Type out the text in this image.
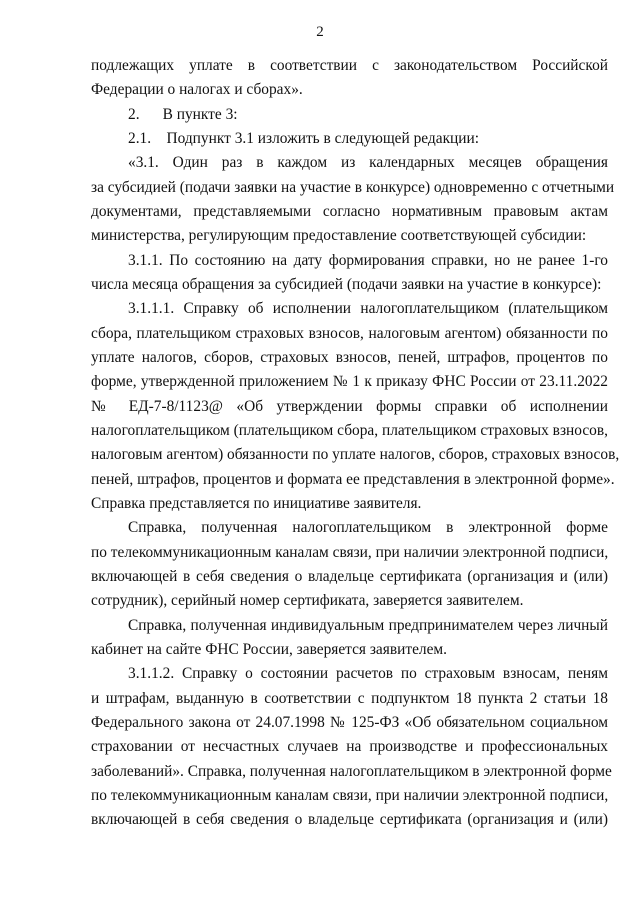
2
подлежащих уплате в соответствии с законодательством Российской
Федерации о налогах и сборах».
2.  В пункте 3:
2.1. Подпункт 3.1 изложить в следующей редакции:
«3.1. Один раз в каждом из календарных месяцев обращения
за субсидией (подачи заявки на участие в конкурсе) одновременно с отчетными
документами, представляемыми согласно нормативным правовым актам
министерства, регулирующим предоставление соответствующей субсидии:
3.1.1. По состоянию на дату формирования справки, но не ранее 1-го
числа месяца обращения за субсидией (подачи заявки на участие в конкурсе):
3.1.1.1. Справку об исполнении налогоплательщиком (плательщиком
сбора, плательщиком страховых взносов, налоговым агентом) обязанности по
уплате налогов, сборов, страховых взносов, пеней, штрафов, процентов по
форме, утвержденной приложением № 1 к приказу ФНС России от 23.11.2022
№ ЕД-7-8/1123@ «Об утверждении формы справки об исполнении
налогоплательщиком (плательщиком сбора, плательщиком страховых взносов,
налоговым агентом) обязанности по уплате налогов, сборов, страховых взносов,
пеней, штрафов, процентов и формата ее представления в электронной форме».
Справка представляется по инициативе заявителя.
Справка, полученная налогоплательщиком в электронной форме
по телекоммуникационным каналам связи, при наличии электронной подписи,
включающей в себя сведения о владельце сертификата (организация и (или)
сотрудник), серийный номер сертификата, заверяется заявителем.
Справка, полученная индивидуальным предпринимателем через личный
кабинет на сайте ФНС России, заверяется заявителем.
3.1.1.2. Справку о состоянии расчетов по страховым взносам, пеням
и штрафам, выданную в соответствии с подпунктом 18 пункта 2 статьи 18
Федерального закона от 24.07.1998 № 125-ФЗ «Об обязательном социальном
страховании от несчастных случаев на производстве и профессиональных
заболеваний». Справка, полученная налогоплательщиком в электронной форме
по телекоммуникационным каналам связи, при наличии электронной подписи,
включающей в себя сведения о владельце сертификата (организация и (или)
